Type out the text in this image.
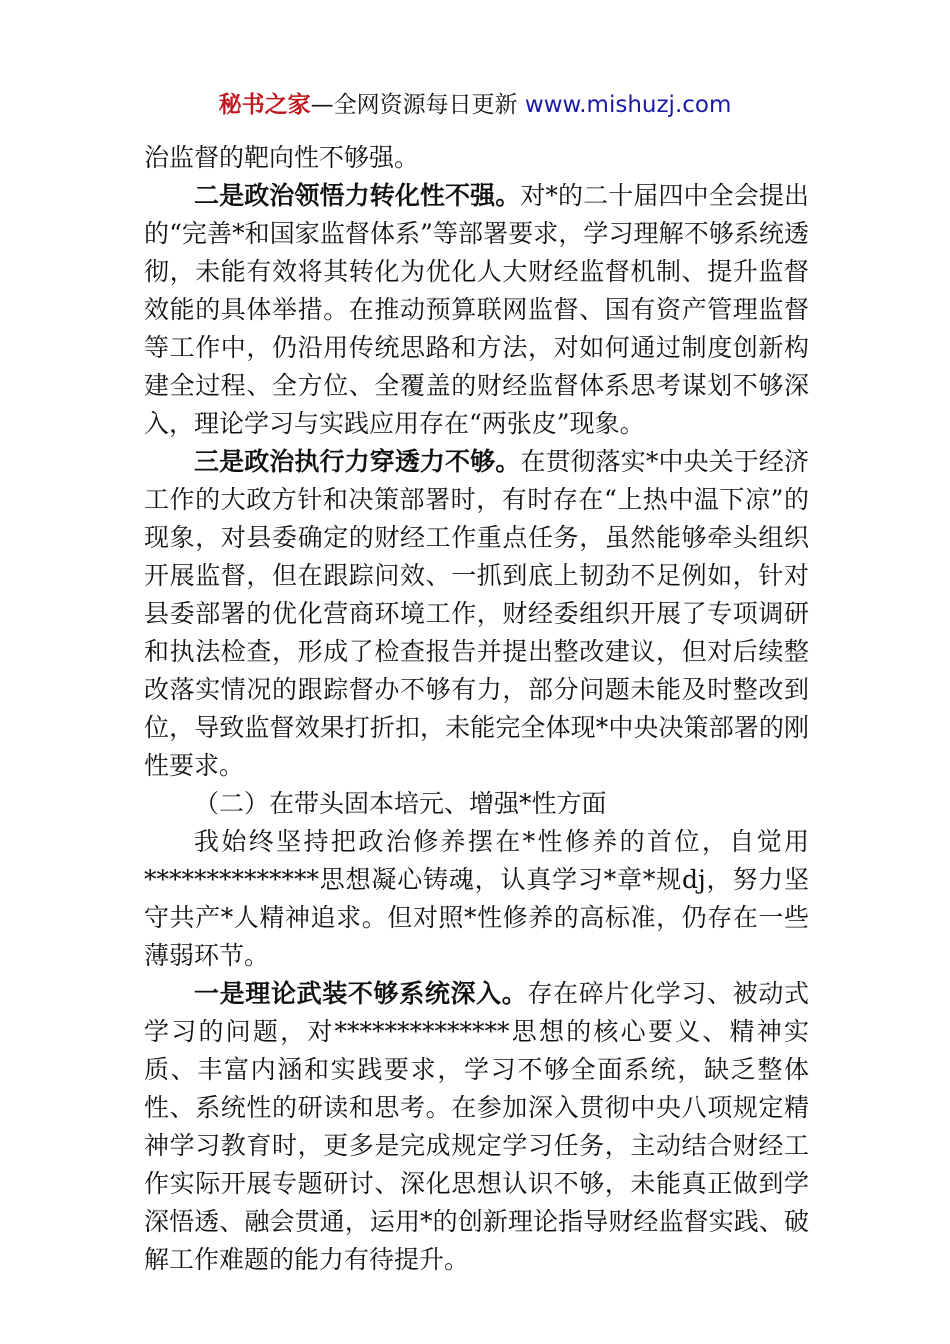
秘书之家—全网资源每日更新 www.mishuzj.com

治监督的靶向性不够强。

二是政治领悟力转化性不强。对*的二十届四中全会提出的“完善*和国家监督体系”等部署要求，学习理解不够系统透彻，未能有效将其转化为优化人大财经监督机制、提升监督效能的具体举措。在推动预算联网监督、国有资产管理监督等工作中，仍沿用传统思路和方法，对如何通过制度创新构建全过程、全方位、全覆盖的财经监督体系思考谋划不够深入，理论学习与实践应用存在“两张皮”现象。

三是政治执行力穿透力不够。在贯彻落实*中央关于经济工作的大政方针和决策部署时，有时存在“上热中温下凉”的现象，对县委确定的财经工作重点任务，虽然能够牵头组织开展监督，但在跟踪问效、一抓到底上韧劲不足例如，针对县委部署的优化营商环境工作，财经委组织开展了专项调研和执法检查，形成了检查报告并提出整改建议，但对后续整改落实情况的跟踪督办不够有力，部分问题未能及时整改到位，导致监督效果打折扣，未能完全体现*中央决策部署的刚性要求。

（二）在带头固本培元、增强*性方面

我始终坚持把政治修养摆在*性修养的首位，自觉用**************思想凝心铸魂，认真学习*章*规dj，努力坚守共产*人精神追求。但对照*性修养的高标准，仍存在一些薄弱环节。

一是理论武装不够系统深入。存在碎片化学习、被动式学习的问题，对**************思想的核心要义、精神实质、丰富内涵和实践要求，学习不够全面系统，缺乏整体性、系统性的研读和思考。在参加深入贯彻中央八项规定精神学习教育时，更多是完成规定学习任务，主动结合财经工作实际开展专题研讨、深化思想认识不够，未能真正做到学深悟透、融会贯通，运用*的创新理论指导财经监督实践、破解工作难题的能力有待提升。
